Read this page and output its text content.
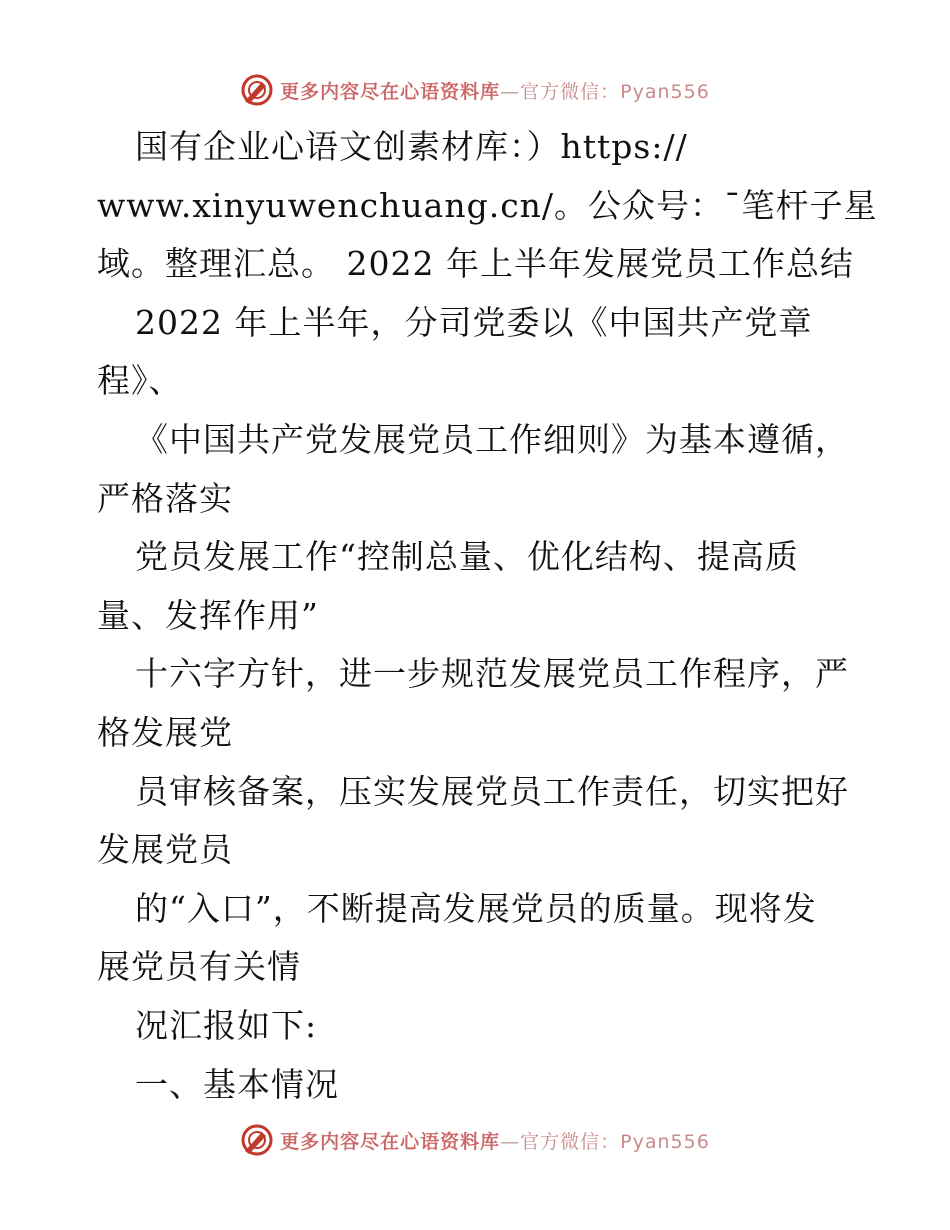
更多内容尽在心语资料库—官方微信：Pyan556
国有企业心语文创素材库：）https://
www.xinyuwenchuang.cn/。公众号：¯笔杆子星
域。整理汇总。 2022 年上半年发展党员工作总结
2022 年上半年，分司党委以《中国共产党章
程》、
《中国共产党发展党员工作细则》为基本遵循，
严格落实
党员发展工作“控制总量、优化结构、提高质
量、发挥作用”
十六字方针，进一步规范发展党员工作程序，严
格发展党
员审核备案，压实发展党员工作责任，切实把好
发展党员
的“入口”，不断提高发展党员的质量。现将发
展党员有关情
况汇报如下:
一、基本情况
更多内容尽在心语资料库—官方微信：Pyan556
